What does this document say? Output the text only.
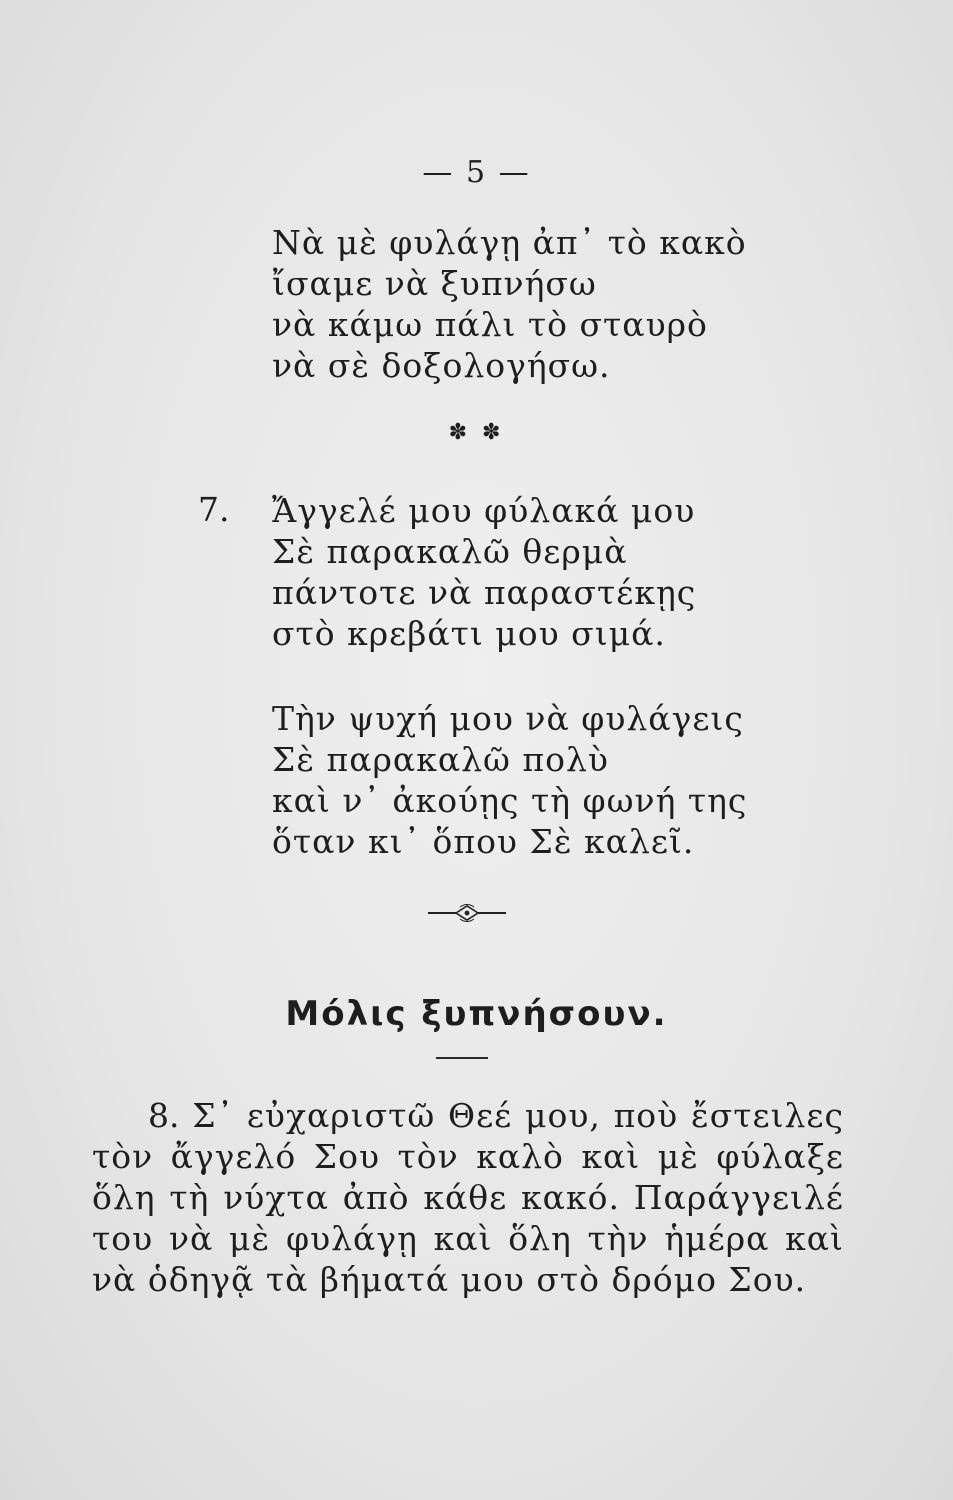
— 5 —
Νὰ μὲ φυλάγῃ ἀπ᾽ τὸ κακὸ
ἴσαμε νὰ ξυπνήσω
νὰ κάμω πάλι τὸ σταυρὸ
νὰ σὲ δοξολογήσω.
✽ ✽
7. Ἄγγελέ μου φύλακά μου
Σὲ παρακαλῶ θερμὰ
πάντοτε νὰ παραστέκῃς
στὸ κρεβάτι μου σιμά.
Τὴν ψυχή μου νὰ φυλάγεις
Σὲ παρακαλῶ πολὺ
καὶ ν᾽ ἀκούῃς τὴ φωνή της
ὅταν κι᾽ ὅπου Σὲ καλεῖ.
Μόλις ξυπνήσουν.
8. Σ᾽ εὐχαριστῶ Θεέ μου, ποὺ ἔστειλες τὸν ἄγγελό Σου τὸν καλὸ καὶ μὲ φύλαξε ὅλη τὴ νύχτα ἀπὸ κάθε κακό. Παράγγειλέ του νὰ μὲ φυλάγῃ καὶ ὅλη τὴν ἡμέρα καὶ νὰ ὁδηγᾷ τὰ βήματά μου στὸ δρόμο Σου.
